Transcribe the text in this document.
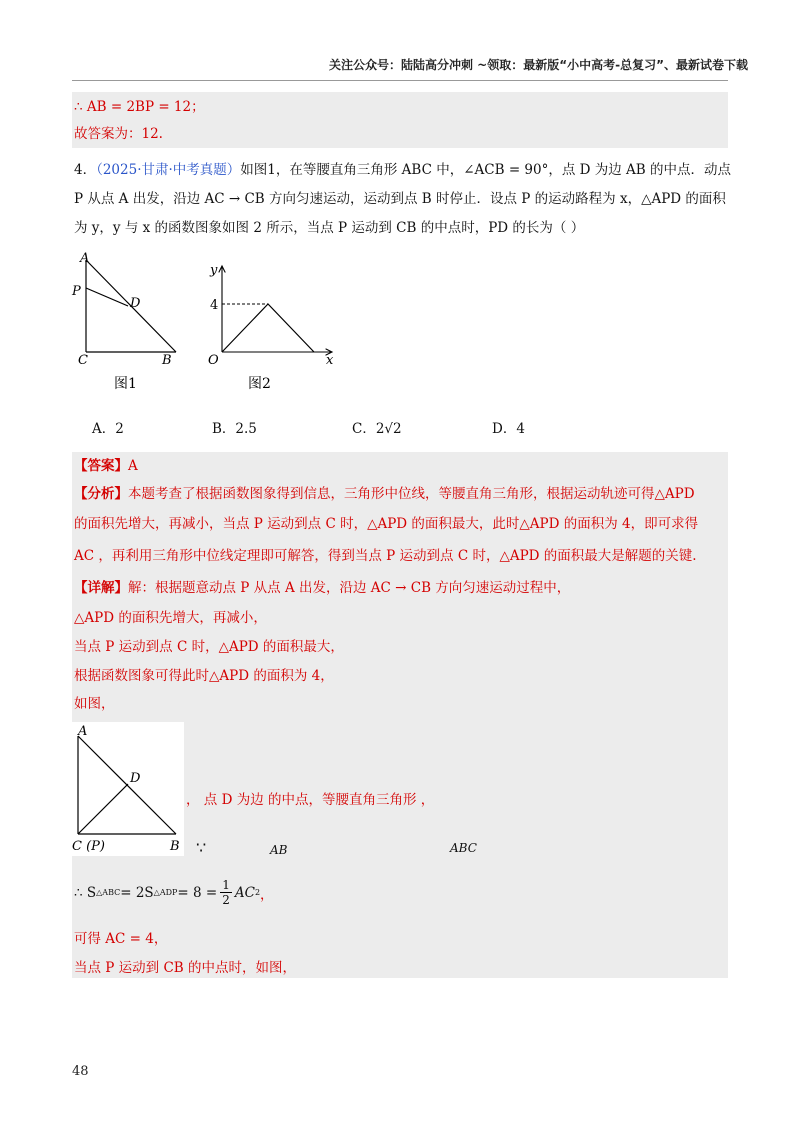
关注公众号：陆陆高分冲刺 ~领取：最新版“小中高考-总复习”、最新试卷下载
∴ AB = 2BP = 12；
故答案为：12.
4．（2025·甘肃·中考真题）如图1，在等腰直角三角形 ABC 中，∠ACB = 90°，点 D 为边 AB 的中点．动点
P 从点 A 出发，沿边 AC → CB 方向匀速运动，运动到点 B 时停止．设点 P 的运动路程为 x，△APD 的面积
为 y，y 与 x 的函数图象如图 2 所示，当点 P 运动到 CB 的中点时，PD 的长为（ ）
A
P
D
C	B
图1
y
4
O	x
图2
A．2	B．2.5	C．2√2	D．4
【答案】A
【分析】本题考查了根据函数图象得到信息，三角形中位线，等腰直角三角形，根据运动轨迹可得△APD
的面积先增大，再减小，当点 P 运动到点 C 时，△APD 的面积最大，此时△APD 的面积为 4，即可求得
AC ，再利用三角形中位线定理即可解答，得到当点 P 运动到点 C 时，△APD 的面积最大是解题的关键.
【详解】解：根据题意动点 P 从点 A 出发，沿边 AC → CB 方向匀速运动过程中，
△APD 的面积先增大，再减小，
当点 P 运动到点 C 时，△APD 的面积最大，
根据函数图象可得此时△APD 的面积为 4，
如图，
A
D
C (P)	B
， 点 D 为边 的中点，等腰直角三角形 ，
∵	AB	ABC
∴ S △ABC = 2S △ADP = $8 = \frac{1}{2}$ AC 2 ，
可得 AC = 4，
当点 P 运动到 CB 的中点时，如图，
48
